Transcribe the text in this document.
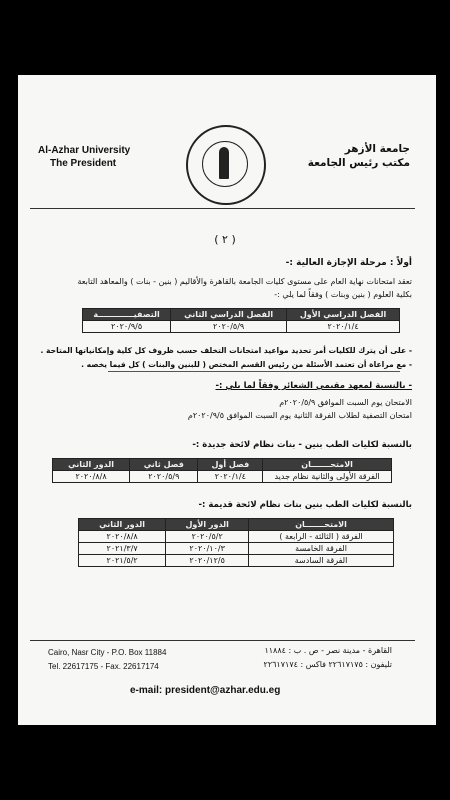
Al-Azhar University
The President
جامعة الأزهر
مكتب رئيس الجامعة
( ٢ )
أولاً : مرحلة الإجازة العالية :-
تعقد امتحانات نهاية العام على مستوى كليات الجامعة بالقاهرة والأقاليم ( بنين - بنات ) والمعاهد التابعة
بكلية العلوم ( بنين وبنات ) وفقاً لما يلي :-
الفصل الدراسي الأول	الفصل الدراسي الثاني	التصفيـــــــــــــة
٢٠٢٠/١/٤	٢٠٢٠/٥/٩	٢٠٢٠/٩/٥
- على أن يترك للكليات أمر تحديد مواعيد امتحانات التخلف حسب ظروف كل كلية وإمكانياتها المتاحة .
- مع مراعاة أن تعتمد الأسئلة من رئيس القسم المختص ( للبنين والبنات ) كل فيما يخصه .
- بالنسبة لمعهد مقيمي الشعائر وفقاً لما يلي :-
الامتحان يوم السبت الموافق ٢٠٢٠/٥/٩م
امتحان التصفية لطلاب الفرقة الثانية يوم السبت الموافق ٢٠٢٠/٩/٥م
بالنسبة لكليات الطب بنين - بنات نظام لائحة جديدة :-
الامتحـــــــان	فصل أول	فصل ثاني	الدور الثاني
الفرقة الأولى والثانية نظام جديد	٢٠٢٠/١/٤	٢٠٢٠/٥/٩	٢٠٢٠/٨/٨
بالنسبة لكليات الطب بنين بنات نظام لائحة قديمة :-
الامتحـــــــان	الدور الأول	الدور الثاني
الفرقة ( الثالثة - الرابعة )	٢٠٢٠/٥/٢	٢٠٢٠/٨/٨
الفرقة الخامسة	٢٠٢٠/١٠/٣	٢٠٢١/٣/٧
الفرقة السادسة	٢٠٢٠/١٢/٥	٢٠٢١/٥/٢
Cairo, Nasr City - P.O. Box 11884
Tel. 22617175 - Fax. 22617174
القاهرة - مدينة نصر - ص . ب : ١١٨٨٤
تليفون : ٢٢٦١٧١٧٥ فاكس : ٢٢٦١٧١٧٤
e-mail: president@azhar.edu.eg
